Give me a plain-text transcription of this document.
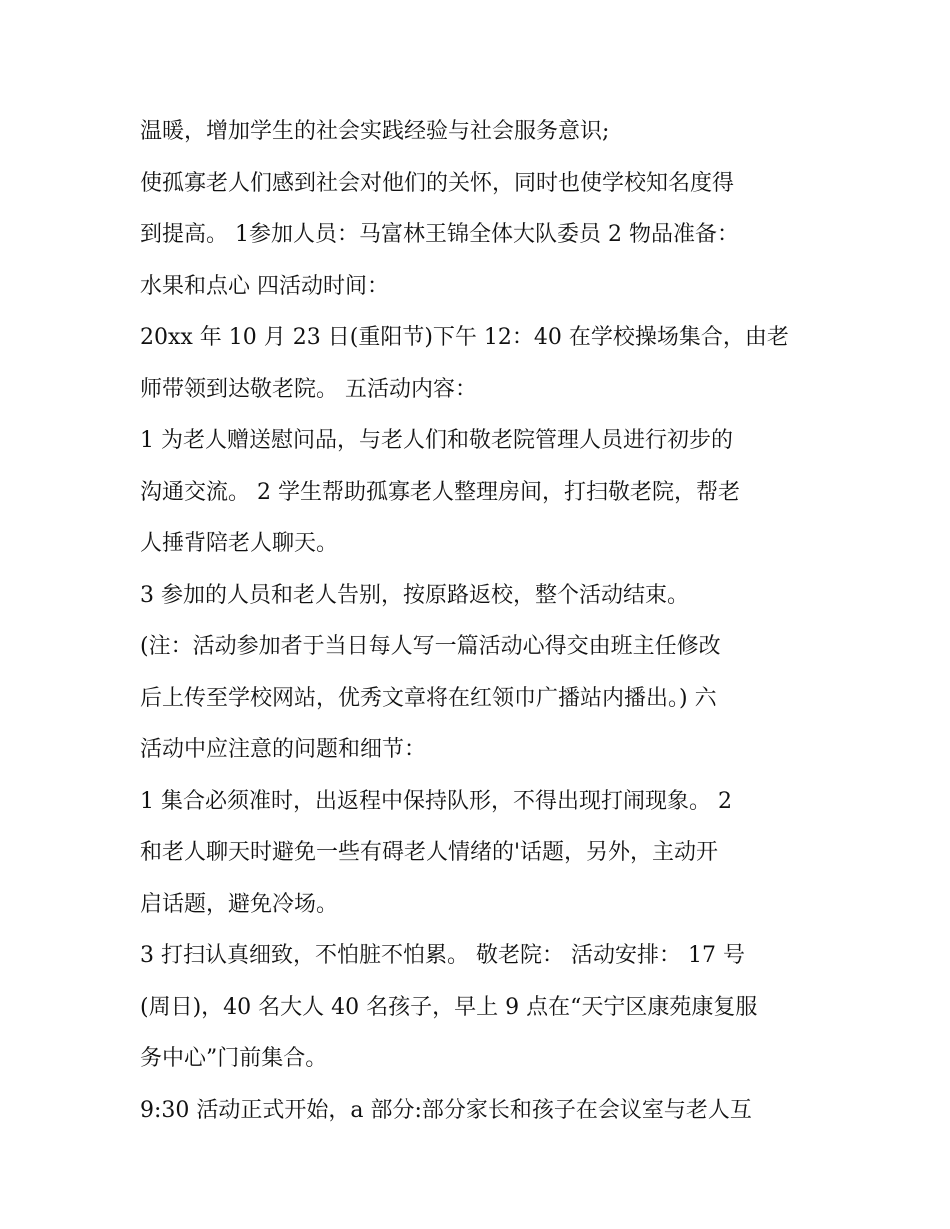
温暖，增加学生的社会实践经验与社会服务意识;
使孤寡老人们感到社会对他们的关怀，同时也使学校知名度得
到提高。 1参加人员：马富林王锦全体大队委员 2 物品准备：
水果和点心 四活动时间：
20xx 年 10 月 23 日(重阳节)下午 12：40 在学校操场集合，由老
师带领到达敬老院。 五活动内容：
1 为老人赠送慰问品，与老人们和敬老院管理人员进行初步的
沟通交流。 2 学生帮助孤寡老人整理房间，打扫敬老院，帮老
人捶背陪老人聊天。
3 参加的人员和老人告别，按原路返校，整个活动结束。
(注：活动参加者于当日每人写一篇活动心得交由班主任修改
后上传至学校网站，优秀文章将在红领巾广播站内播出。) 六
活动中应注意的问题和细节：
1 集合必须准时，出返程中保持队形，不得出现打闹现象。 2
和老人聊天时避免一些有碍老人情绪的'话题，另外，主动开
启话题，避免冷场。
3 打扫认真细致，不怕脏不怕累。 敬老院： 活动安排： 17 号
(周日)，40 名大人 40 名孩子，早上 9 点在“天宁区康苑康复服
务中心”门前集合。
9:30 活动正式开始，a 部分:部分家长和孩子在会议室与老人互
